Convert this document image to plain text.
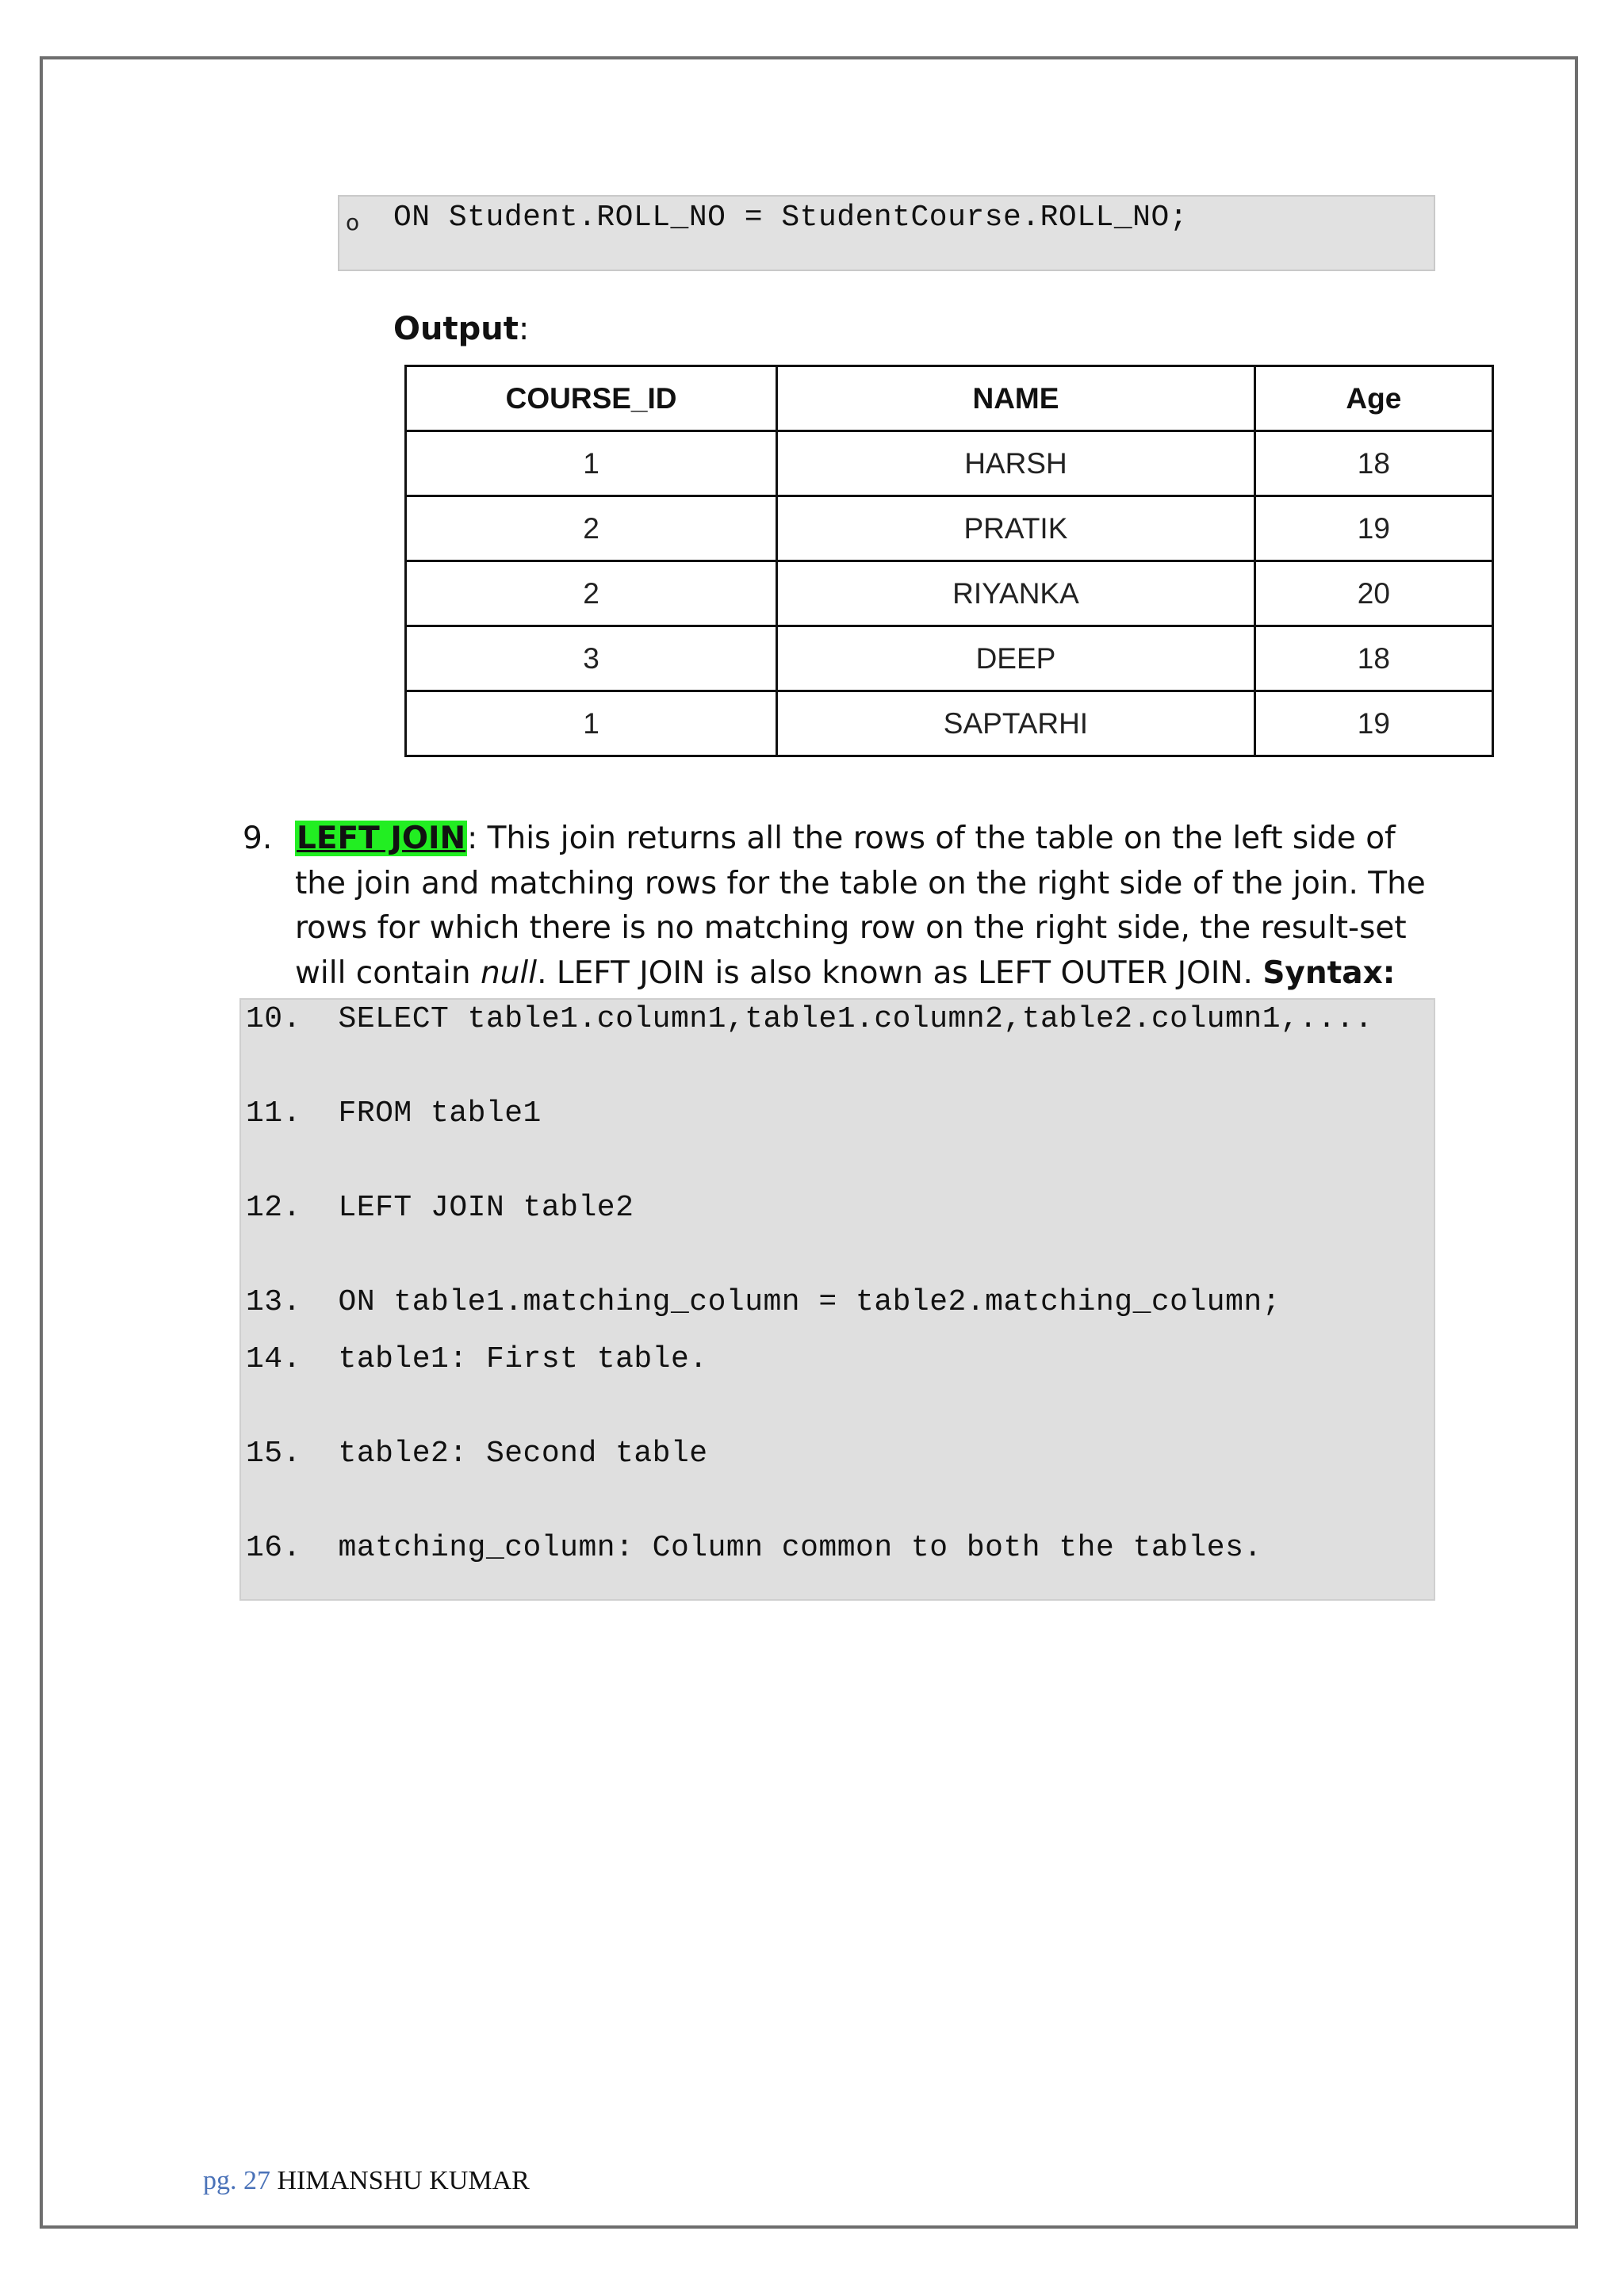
o ON Student.ROLL_NO = StudentCourse.ROLL_NO;
Output:
COURSE_ID	NAME	Age
1	HARSH	18
2	PRATIK	19
2	RIYANKA	20
3	DEEP	18
1	SAPTARHI	19
9. LEFT JOIN: This join returns all the rows of the table on the left side of the join and matching rows for the table on the right side of the join. The rows for which there is no matching row on the right side, the result-set will contain null. LEFT JOIN is also known as LEFT OUTER JOIN. Syntax:
10.  SELECT table1.column1,table1.column2,table2.column1,....
11.  FROM table1
12.  LEFT JOIN table2
13.  ON table1.matching_column = table2.matching_column;
14.  table1: First table.
15.  table2: Second table
16.  matching_column: Column common to both the tables.
pg. 27 HIMANSHU KUMAR
